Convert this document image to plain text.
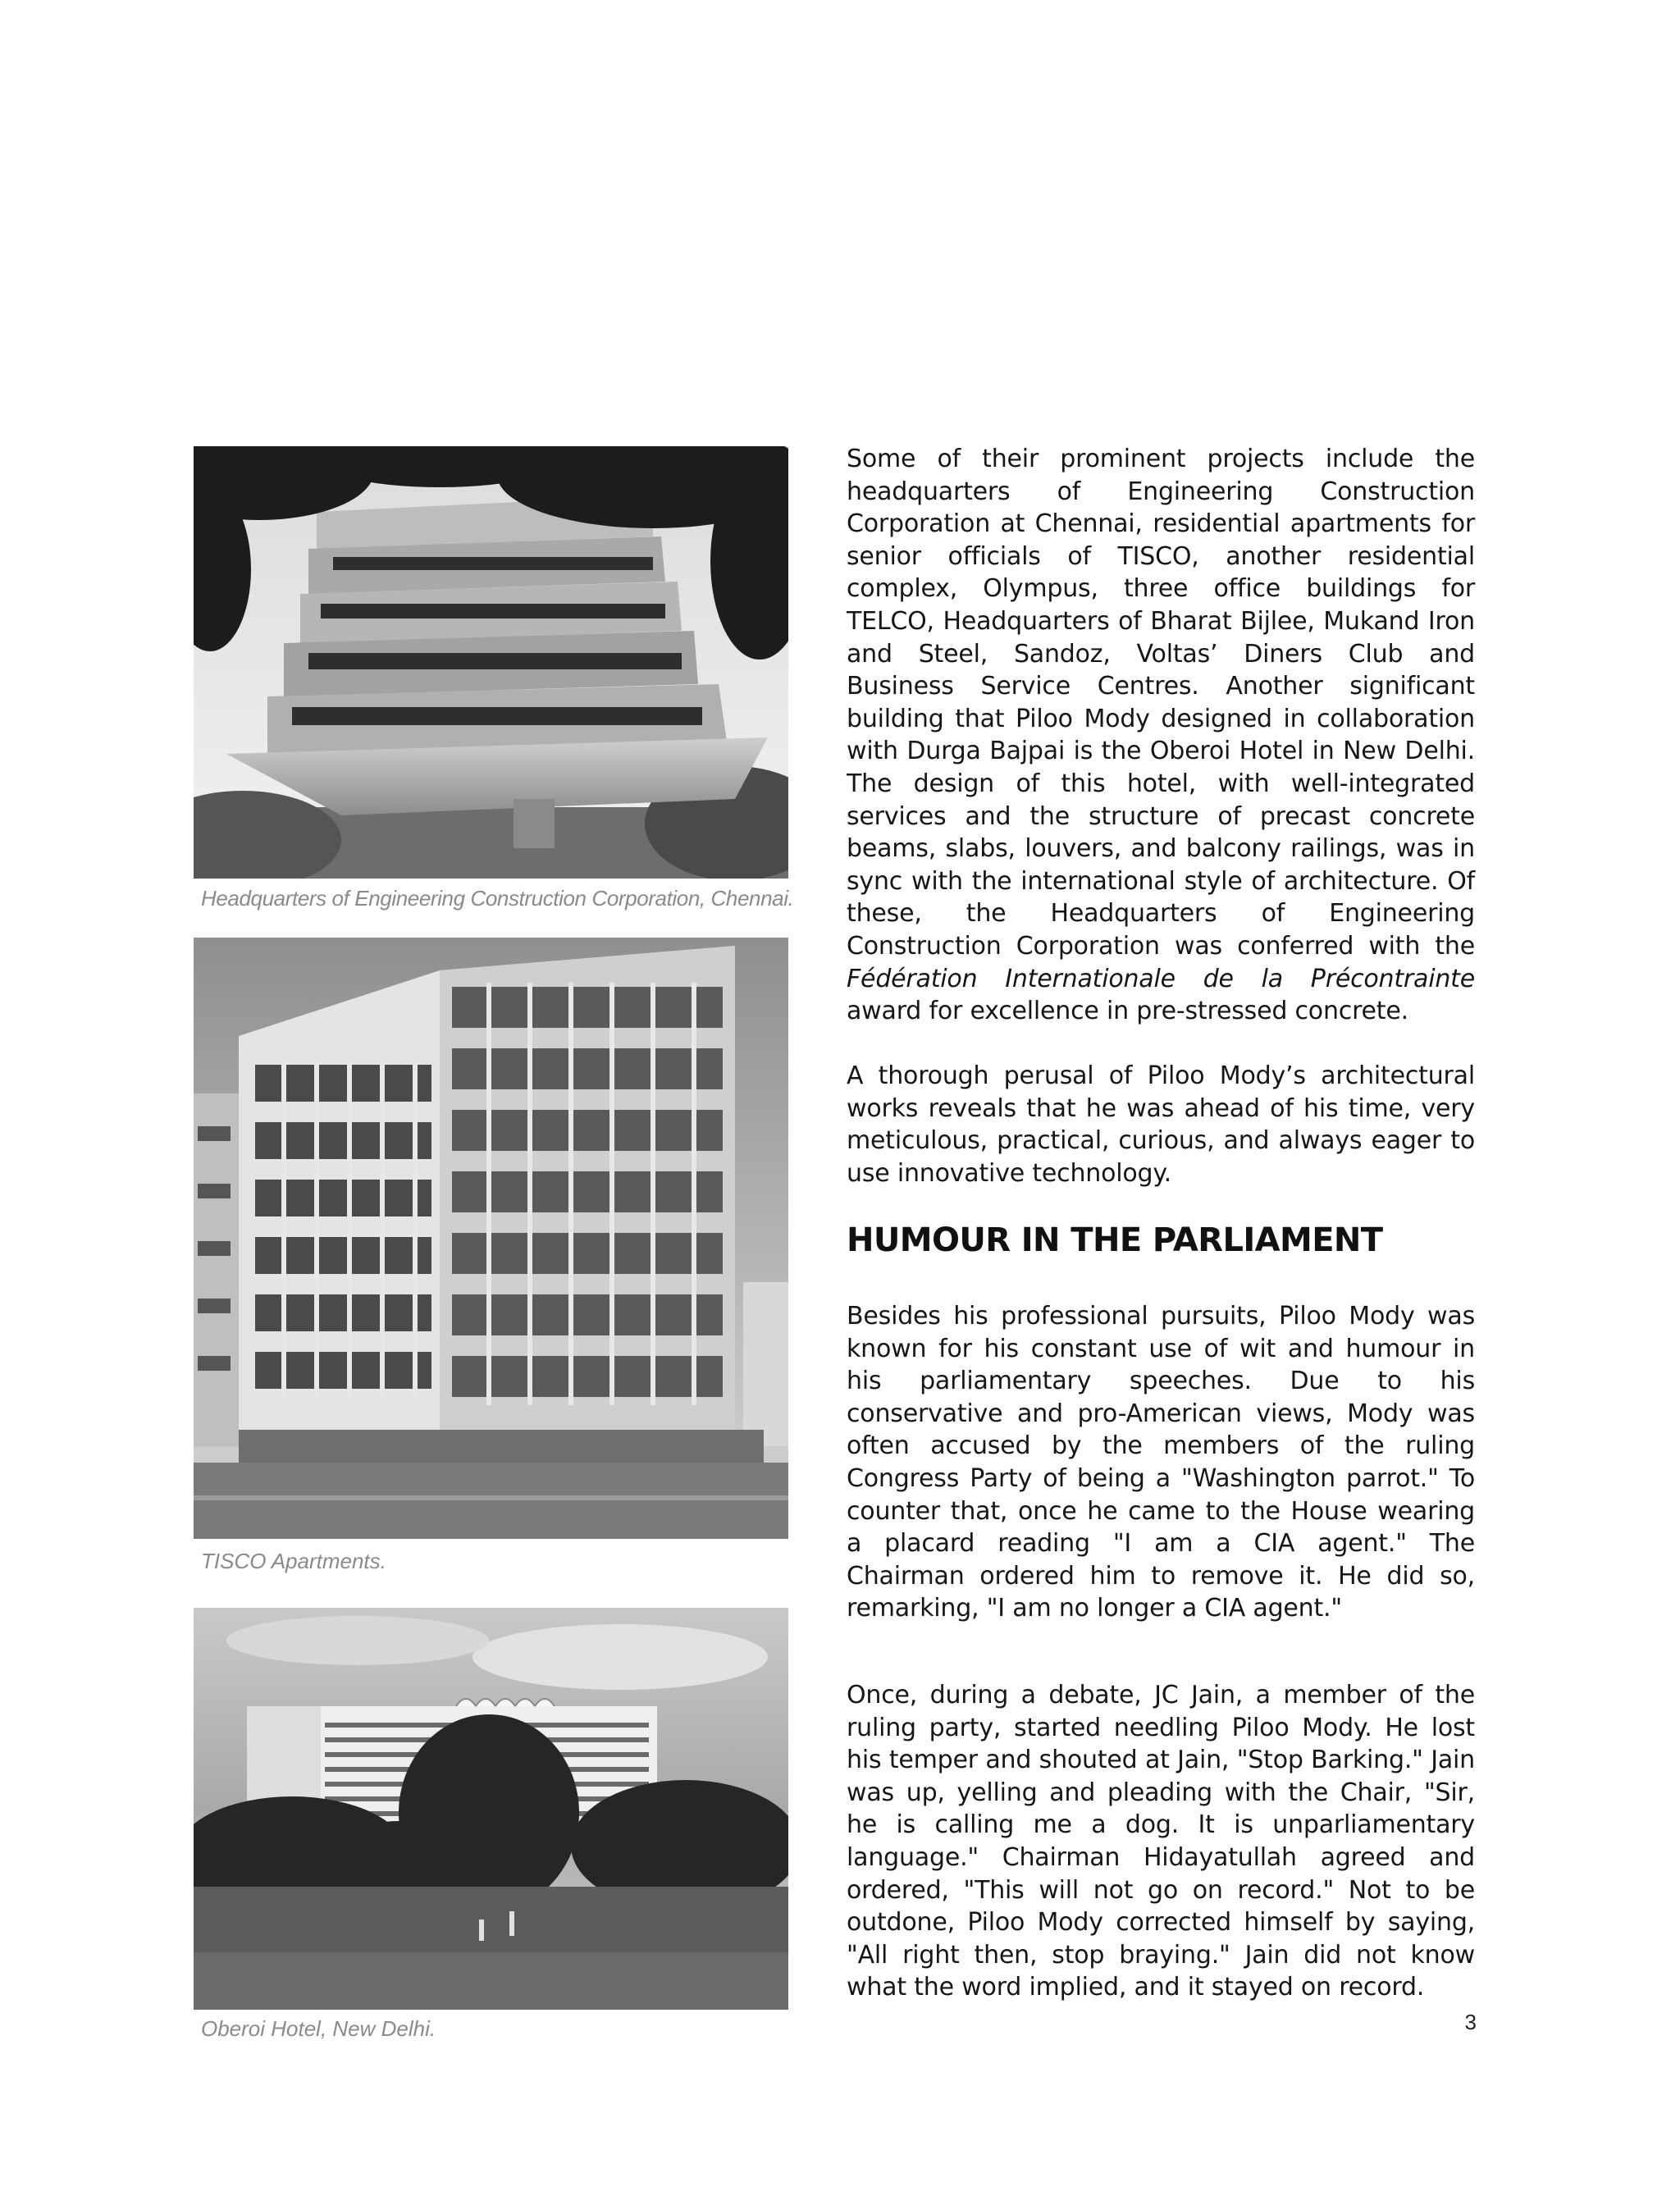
Headquarters of Engineering Construction Corporation, Chennai.
TISCO Apartments.
Oberoi Hotel, New Delhi.

Some of their prominent projects include the headquarters of Engineering Construction Corporation at Chennai, residential apartments for senior officials of TISCO, another residential complex, Olympus, three office buildings for TELCO, Headquarters of Bharat Bijlee, Mukand Iron and Steel, Sandoz, Voltas’ Diners Club and Business Service Centres. Another significant building that Piloo Mody designed in collaboration with Durga Bajpai is the Oberoi Hotel in New Delhi. The design of this hotel, with well-integrated services and the structure of precast concrete beams, slabs, louvers, and balcony railings, was in sync with the international style of architecture. Of these, the Headquarters of Engineering Construction Corporation was conferred with the Fédération Internationale de la Précontrainte award for excellence in pre-stressed concrete.

A thorough perusal of Piloo Mody’s architectural works reveals that he was ahead of his time, very meticulous, practical, curious, and always eager to use innovative technology.

HUMOUR IN THE PARLIAMENT

Besides his professional pursuits, Piloo Mody was known for his constant use of wit and humour in his parliamentary speeches. Due to his conservative and pro-American views, Mody was often accused by the members of the ruling Congress Party of being a "Washington parrot." To counter that, once he came to the House wearing a placard reading "I am a CIA agent." The Chairman ordered him to remove it. He did so, remarking, "I am no longer a CIA agent."

Once, during a debate, JC Jain, a member of the ruling party, started needling Piloo Mody. He lost his temper and shouted at Jain, "Stop Barking." Jain was up, yelling and pleading with the Chair, "Sir, he is calling me a dog. It is unparliamentary language." Chairman Hidayatullah agreed and ordered, "This will not go on record." Not to be outdone, Piloo Mody corrected himself by saying, "All right then, stop braying." Jain did not know what the word implied, and it stayed on record.

3
